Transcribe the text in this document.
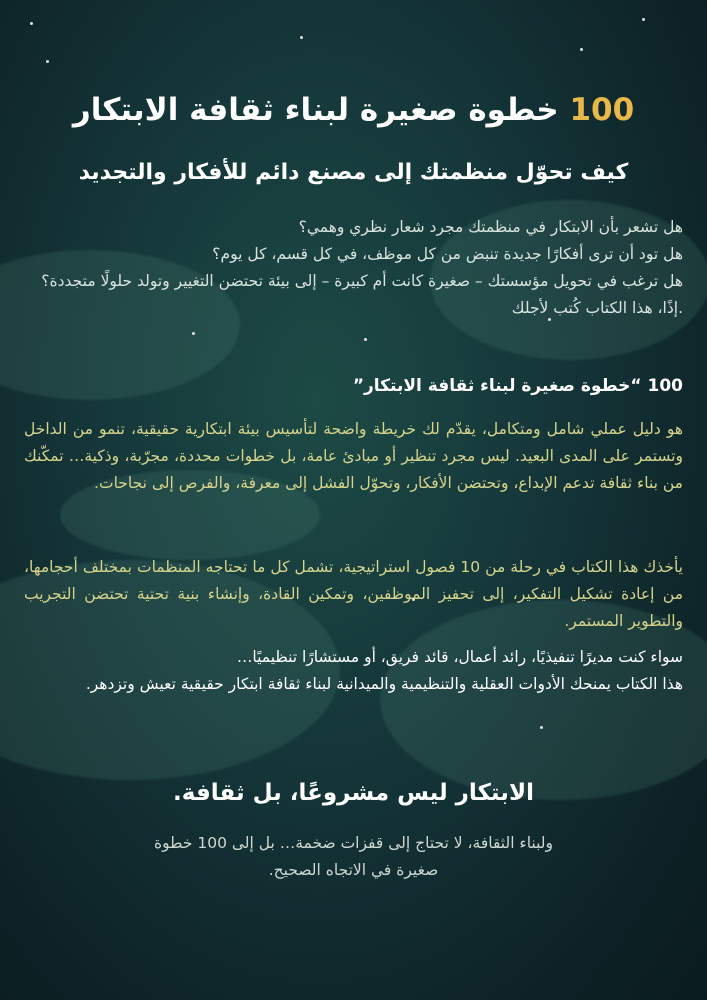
100 خطوة صغيرة لبناء ثقافة الابتكار
كيف تحوّل منظمتك إلى مصنع دائم للأفكار والتجديد

هل تشعر بأن الابتكار في منظمتك مجرد شعار نظري وهمي؟

هل تود أن ترى أفكارًا جديدة تنبض من كل موظف، في كل قسم، كل يوم؟

هل ترغب في تحويل مؤسستك – صغيرة كانت أم كبيرة – إلى بيئة تحتضن التغيير وتولد حلولًا متجددة؟

.إذًا، هذا الكتاب كُتب لأجلك

100 “خطوة صغيرة لبناء ثقافة الابتكار”

هو دليل عملي شامل ومتكامل، يقدّم لك خريطة واضحة لتأسيس بيئة ابتكارية حقيقية، تنمو من الداخل وتستمر على المدى البعيد. ليس مجرد تنظير أو مبادئ عامة، بل خطوات محددة، مجرّبة، وذكية… تمكّنك من بناء ثقافة تدعم الإبداع، وتحتضن الأفكار، وتحوّل الفشل إلى معرفة، والفرص إلى نجاحات.

يأخذك هذا الكتاب في رحلة من 10 فصول استراتيجية، تشمل كل ما تحتاجه المنظمات بمختلف أحجامها، من إعادة تشكيل التفكير، إلى تحفيز الموظفين، وتمكين القادة، وإنشاء بنية تحتية تحتضن التجريب والتطوير المستمر.

سواء كنت مديرًا تنفيذيًا، رائد أعمال، قائد فريق، أو مستشارًا تنظيميًا…

هذا الكتاب يمنحك الأدوات العقلية والتنظيمية والميدانية لبناء ثقافة ابتكار حقيقية تعيش وتزدهر.

الابتكار ليس مشروعًا، بل ثقافة.

ولبناء الثقافة، لا تحتاج إلى قفزات ضخمة… بل إلى 100 خطوة صغيرة في الاتجاه الصحيح.
